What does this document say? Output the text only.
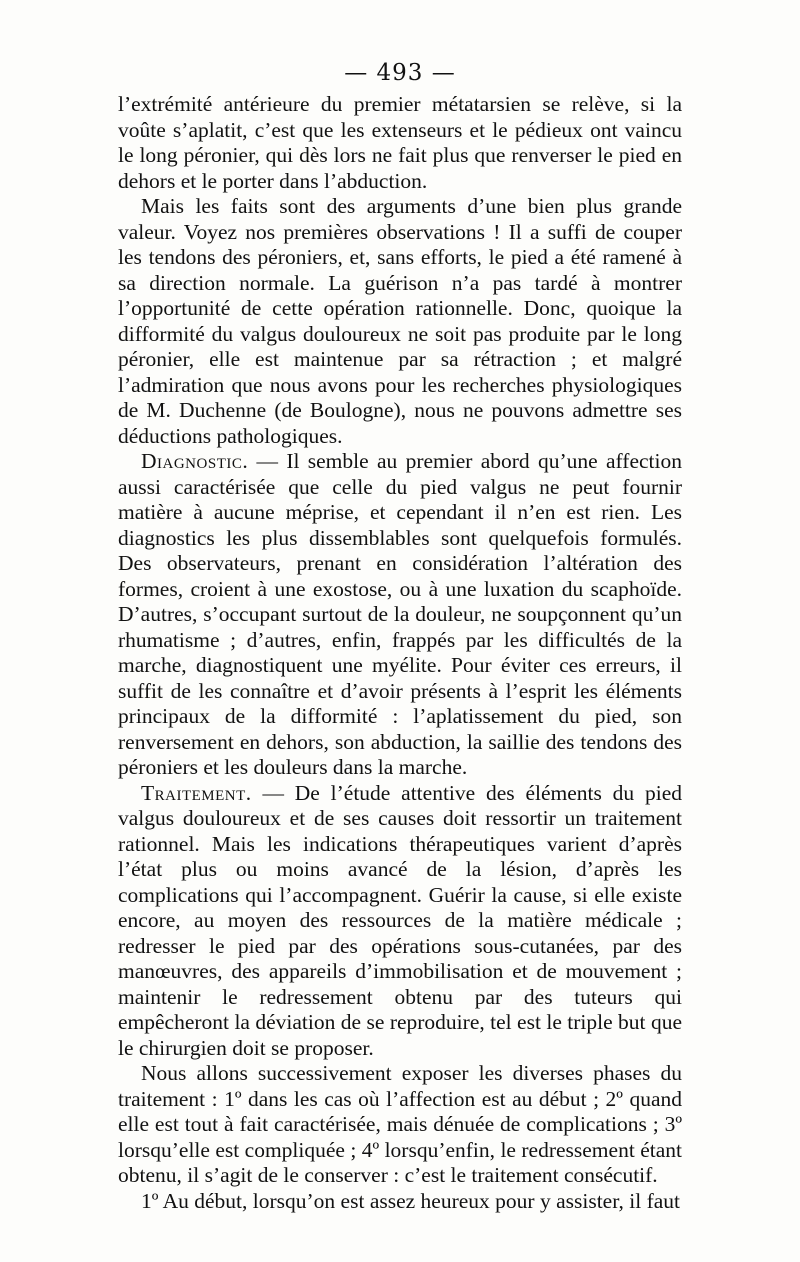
— 493 —

l’extrémité antérieure du premier métatarsien se relève, si la voûte s’aplatit, c’est que les extenseurs et le pédieux ont vaincu le long péronier, qui dès lors ne fait plus que renverser le pied en dehors et le porter dans l’abduction.

Mais les faits sont des arguments d’une bien plus grande valeur. Voyez nos premières observations ! Il a suffi de couper les tendons des péroniers, et, sans efforts, le pied a été ramené à sa direction normale. La guérison n’a pas tardé à montrer l’opportunité de cette opération rationnelle. Donc, quoique la difformité du valgus douloureux ne soit pas produite par le long péronier, elle est maintenue par sa rétraction ; et malgré l’admiration que nous avons pour les recherches physiologiques de M. Duchenne (de Boulogne), nous ne pouvons admettre ses déductions pathologiques.

Diagnostic. — Il semble au premier abord qu’une affection aussi caractérisée que celle du pied valgus ne peut fournir matière à aucune méprise, et cependant il n’en est rien. Les diagnostics les plus dissemblables sont quelquefois formulés. Des observateurs, prenant en considération l’altération des formes, croient à une exostose, ou à une luxation du scaphoïde. D’autres, s’occupant surtout de la douleur, ne soupçonnent qu’un rhumatisme ; d’autres, enfin, frappés par les difficultés de la marche, diagnostiquent une myélite. Pour éviter ces erreurs, il suffit de les connaître et d’avoir présents à l’esprit les éléments principaux de la difformité : l’aplatissement du pied, son renversement en dehors, son abduction, la saillie des tendons des péroniers et les douleurs dans la marche.

Traitement. — De l’étude attentive des éléments du pied valgus douloureux et de ses causes doit ressortir un traitement rationnel. Mais les indications thérapeutiques varient d’après l’état plus ou moins avancé de la lésion, d’après les complications qui l’accompagnent. Guérir la cause, si elle existe encore, au moyen des ressources de la matière médicale ; redresser le pied par des opérations sous-cutanées, par des manœuvres, des appareils d’immobilisation et de mouvement ; maintenir le redressement obtenu par des tuteurs qui empêcheront la déviation de se reproduire, tel est le triple but que le chirurgien doit se proposer.

Nous allons successivement exposer les diverses phases du traitement : 1º dans les cas où l’affection est au début ; 2º quand elle est tout à fait caractérisée, mais dénuée de complications ; 3º lorsqu’elle est compliquée ; 4º lorsqu’enfin, le redressement étant obtenu, il s’agit de le conserver : c’est le traitement consécutif.

1º Au début, lorsqu’on est assez heureux pour y assister, il faut
